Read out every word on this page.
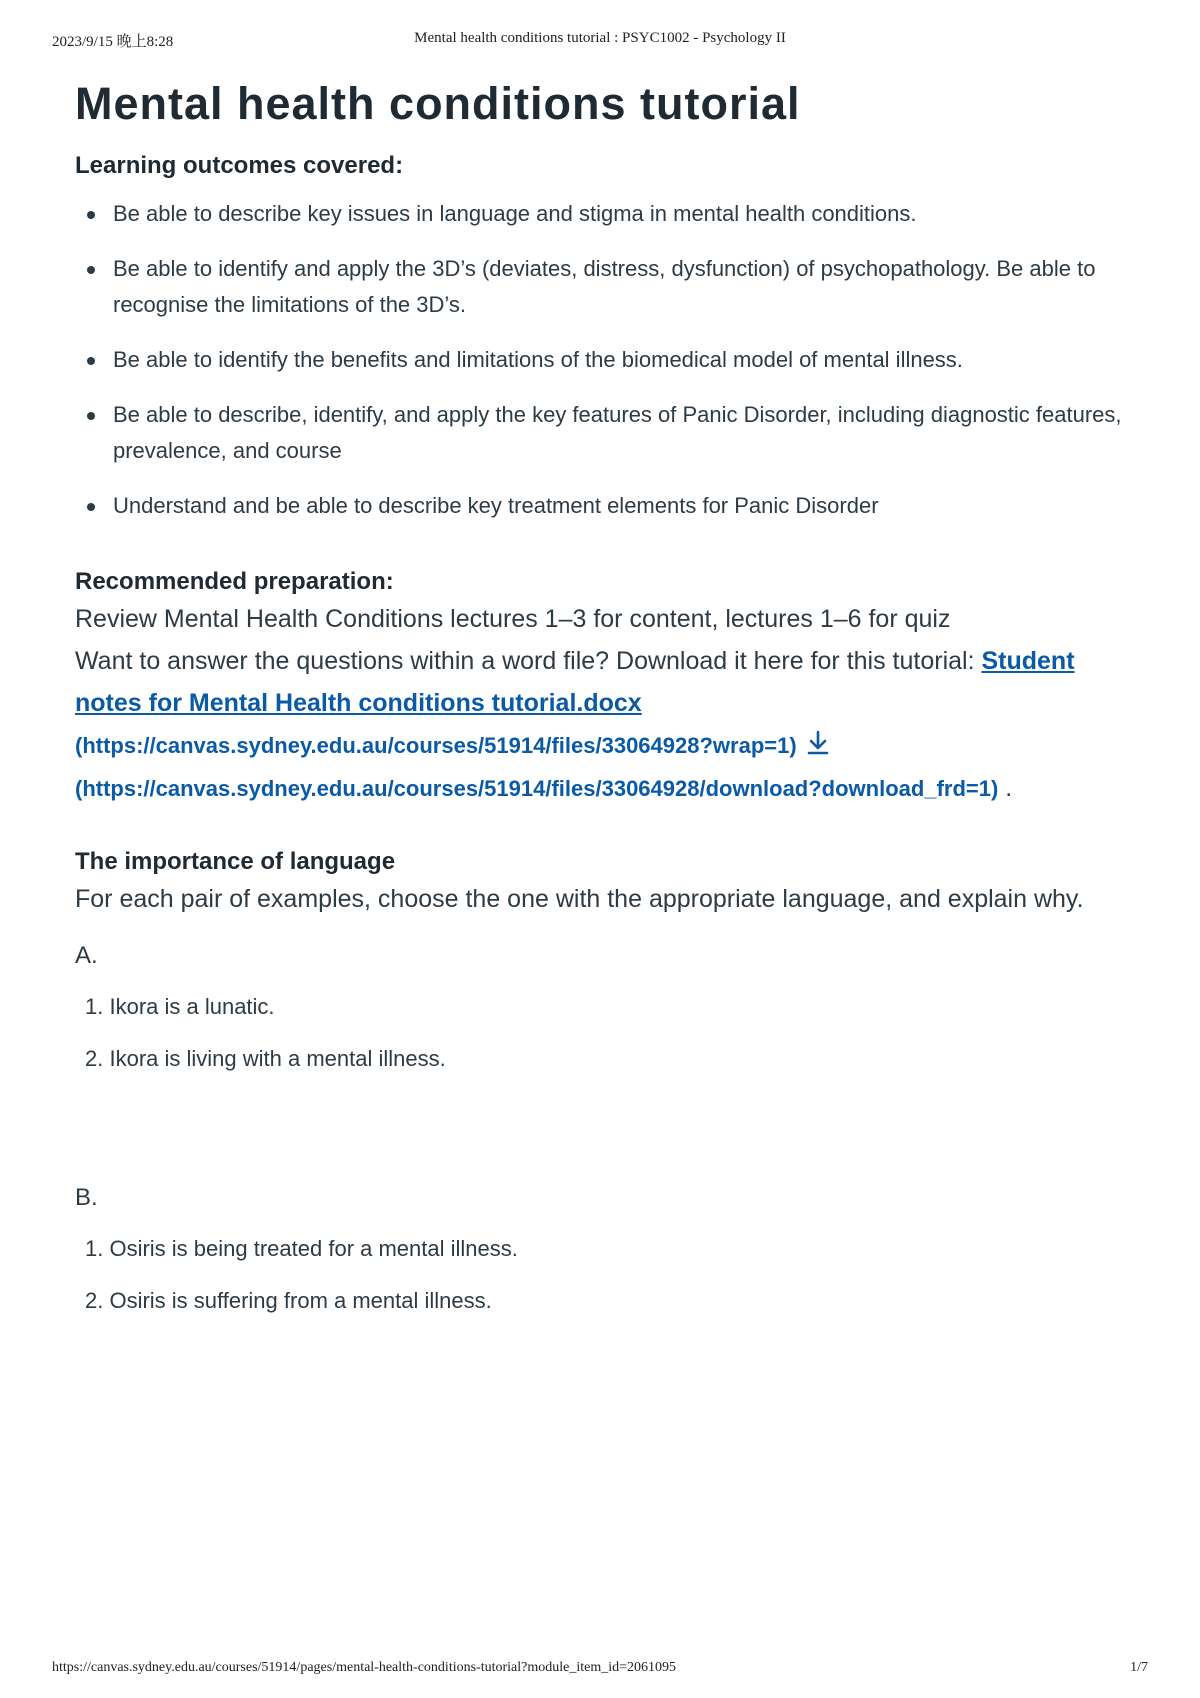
2023/9/15 晚上8:28	Mental health conditions tutorial : PSYC1002 - Psychology II
Mental health conditions tutorial
Learning outcomes covered:
Be able to describe key issues in language and stigma in mental health conditions.
Be able to identify and apply the 3D’s (deviates, distress, dysfunction) of psychopathology. Be able to recognise the limitations of the 3D’s.
Be able to identify the benefits and limitations of the biomedical model of mental illness.
Be able to describe, identify, and apply the key features of Panic Disorder, including diagnostic features, prevalence, and course
Understand and be able to describe key treatment elements for Panic Disorder
Recommended preparation:

Review Mental Health Conditions lectures 1–3 for content, lectures 1–6 for quiz

Want to answer the questions within a word file? Download it here for this tutorial: Student notes for Mental Health conditions tutorial.docx
(https://canvas.sydney.edu.au/courses/51914/files/33064928?wrap=1)
(https://canvas.sydney.edu.au/courses/51914/files/33064928/download?download_frd=1) .

The importance of language

For each pair of examples, choose the one with the appropriate language, and explain why.

A.

1. Ikora is a lunatic.
2. Ikora is living with a mental illness.

B.

1. Osiris is being treated for a mental illness.
2. Osiris is suffering from a mental illness.
https://canvas.sydney.edu.au/courses/51914/pages/mental-health-conditions-tutorial?module_item_id=2061095	1/7
